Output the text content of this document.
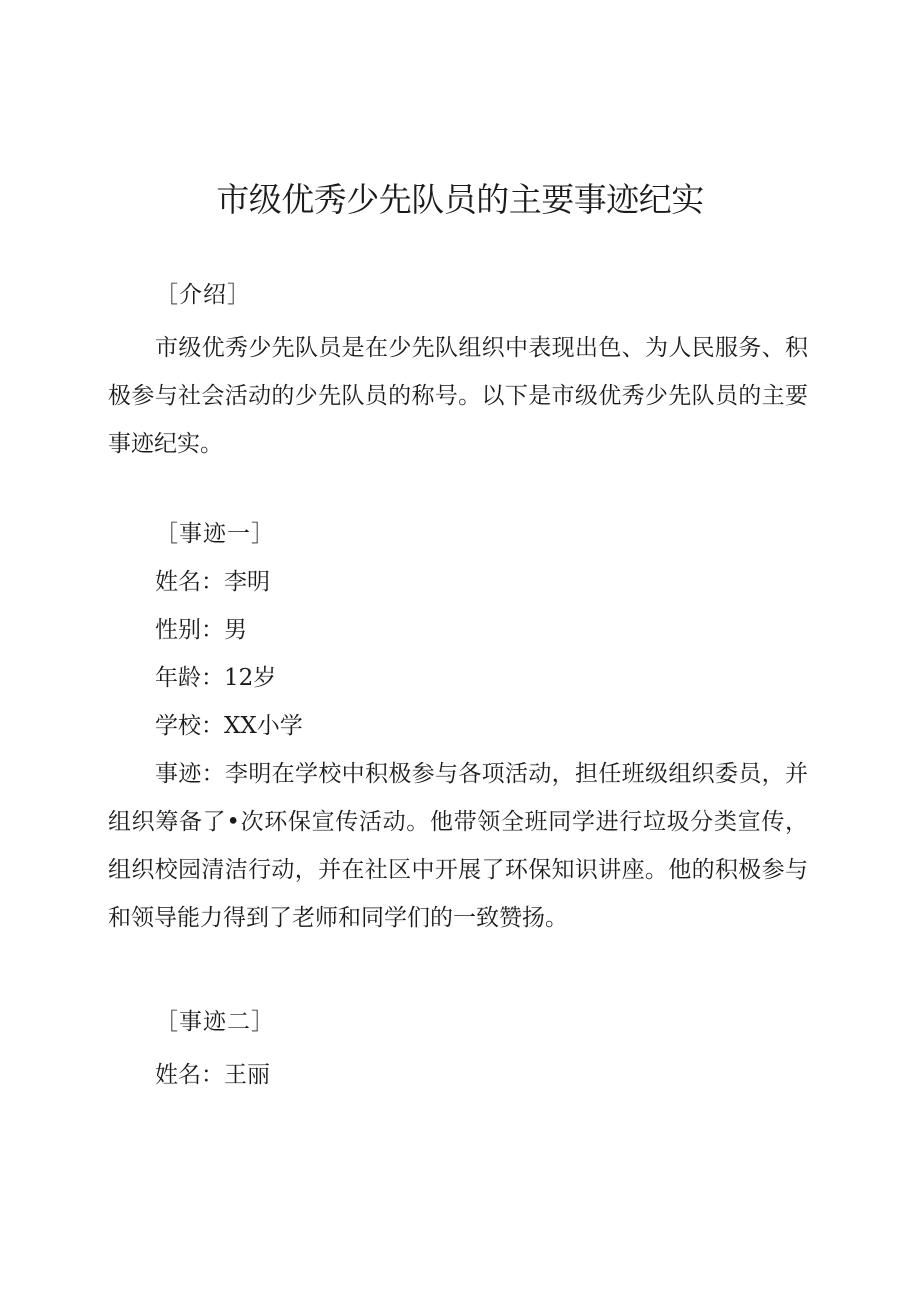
市级优秀少先队员的主要事迹纪实
［介绍］

市级优秀少先队员是在少先队组织中表现出色、为人民服务、积极参与社会活动的少先队员的称号。以下是市级优秀少先队员的主要事迹纪实。

［事迹一］
姓名：李明
性别：男
年龄：12岁
学校：XX小学

事迹：李明在学校中积极参与各项活动，担任班级组织委员，并组织筹备了•次环保宣传活动。他带领全班同学进行垃圾分类宣传，组织校园清洁行动，并在社区中开展了环保知识讲座。他的积极参与和领导能力得到了老师和同学们的一致赞扬。

［事迹二］
姓名：王丽
